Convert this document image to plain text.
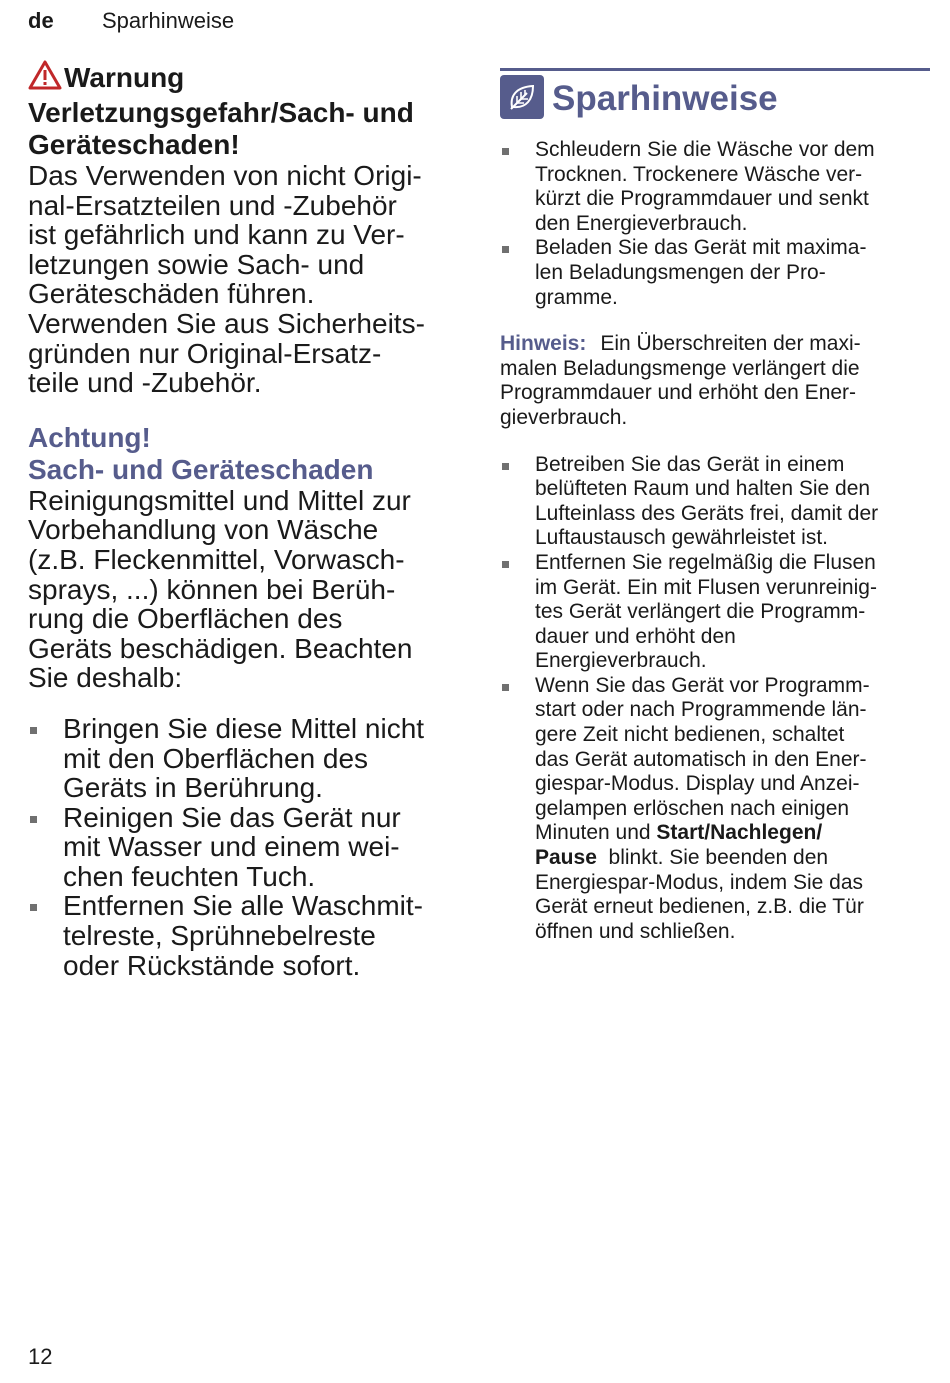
de Sparhinweise
Warnung
Verletzungsgefahr/Sach- und
Geräteschaden!

Das Verwenden von nicht Origi-
nal-Ersatzteilen und -Zubehör
ist gefährlich und kann zu Ver-
letzungen sowie Sach- und
Geräteschäden führen.
Verwenden Sie aus Sicherheits-
gründen nur Original-Ersatz-
teile und -Zubehör.

Achtung!
Sach- und Geräteschaden

Reinigungsmittel und Mittel zur
Vorbehandlung von Wäsche
(z.B. Fleckenmittel, Vorwasch-
sprays, ...) können bei Berüh-
rung die Oberflächen des
Geräts beschädigen. Beachten
Sie deshalb:

Bringen Sie diese Mittel nicht
mit den Oberflächen des
Geräts in Berührung.
Reinigen Sie das Gerät nur
mit Wasser und einem wei-
chen feuchten Tuch.
Entfernen Sie alle Waschmit-
telreste, Sprühnebelreste
oder Rückstände sofort.
Sparhinweise
Schleudern Sie die Wäsche vor dem
Trocknen. Trockenere Wäsche ver-
kürzt die Programmdauer und senkt
den Energieverbrauch.
Beladen Sie das Gerät mit maxima-
len Beladungsmengen der Pro-
gramme.
Hinweis: Ein Überschreiten der maxi-
malen Beladungsmenge verlängert die
Programmdauer und erhöht den Ener-
gieverbrauch.
Betreiben Sie das Gerät in einem
belüfteten Raum und halten Sie den
Lufteinlass des Geräts frei, damit der
Luftaustausch gewährleistet ist.
Entfernen Sie regelmäßig die Flusen
im Gerät. Ein mit Flusen verunreinig-
tes Gerät verlängert die Programm-
dauer und erhöht den
Energieverbrauch.
Wenn Sie das Gerät vor Programm-
start oder nach Programmende län-
gere Zeit nicht bedienen, schaltet
das Gerät automatisch in den Ener-
giespar-Modus. Display und Anzei-
gelampen erlöschen nach einigen
Minuten und Start/Nachlegen/
Pause  blinkt. Sie beenden den
Energiespar-Modus, indem Sie das
Gerät erneut bedienen, z.B. die Tür
öffnen und schließen.
12
